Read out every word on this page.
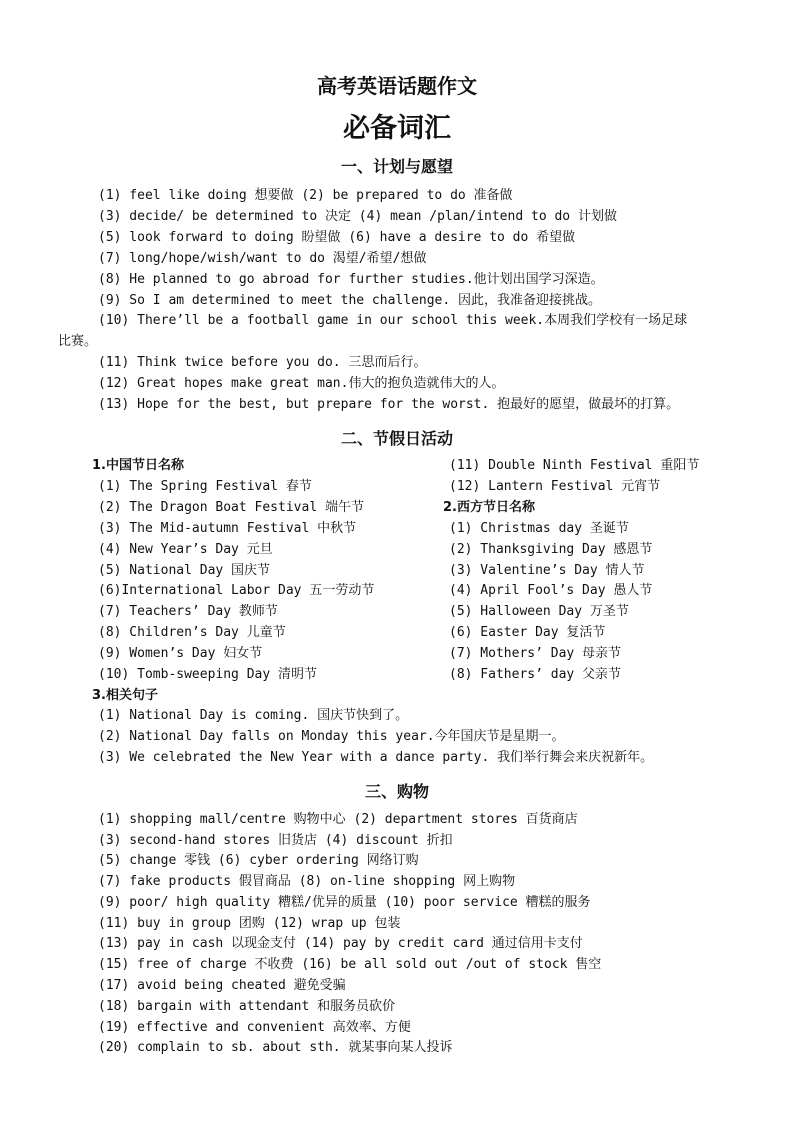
高考英语话题作文
必备词汇
一、计划与愿望
(1) feel like doing 想要做 (2) be prepared to do 准备做
(3) decide/ be determined to 决定 (4) mean /plan/intend to do 计划做
(5) look forward to doing 盼望做 (6) have a desire to do 希望做
(7) long/hope/wish/want to do 渴望/希望/想做
(8) He planned to go abroad for further studies.他计划出国学习深造。
(9) So I am determined to meet the challenge. 因此，我准备迎接挑战。
(10) There’ll be a football game in our school this week.本周我们学校有一场足球
比赛。
(11) Think twice before you do. 三思而后行。
(12) Great hopes make great man.伟大的抱负造就伟大的人。
(13) Hope for the best, but prepare for the worst. 抱最好的愿望，做最坏的打算。
二、节假日活动
1.中国节日名称
(1) The Spring Festival 春节
(2) The Dragon Boat Festival 端午节
(3) The Mid-autumn Festival 中秋节
(4) New Year’s Day 元旦
(5) National Day 国庆节
(6)International Labor Day 五一劳动节
(7) Teachers’ Day 教师节
(8) Children’s Day 儿童节
(9) Women’s Day 妇女节
(10) Tomb-sweeping Day 清明节
3.相关句子
(11) Double Ninth Festival 重阳节
(12) Lantern Festival 元宵节
2.西方节日名称
(1) Christmas day 圣诞节
(2) Thanksgiving Day 感恩节
(3) Valentine’s Day 情人节
(4) April Fool’s Day 愚人节
(5) Halloween Day 万圣节
(6) Easter Day 复活节
(7) Mothers’ Day 母亲节
(8) Fathers’ day 父亲节
(1) National Day is coming. 国庆节快到了。
(2) National Day falls on Monday this year.今年国庆节是星期一。
(3) We celebrated the New Year with a dance party. 我们举行舞会来庆祝新年。
三、购物
(1) shopping mall/centre 购物中心 (2) department stores 百货商店
(3) second-hand stores 旧货店 (4) discount 折扣
(5) change 零钱 (6) cyber ordering 网络订购
(7) fake products 假冒商品 (8) on-line shopping 网上购物
(9) poor/ high quality 糟糕/优异的质量 (10) poor service 糟糕的服务
(11) buy in group 团购 (12) wrap up 包装
(13) pay in cash 以现金支付 (14) pay by credit card 通过信用卡支付
(15) free of charge 不收费 (16) be all sold out /out of stock 售空
(17) avoid being cheated 避免受骗
(18) bargain with attendant 和服务员砍价
(19) effective and convenient 高效率、方便
(20) complain to sb. about sth. 就某事向某人投诉
